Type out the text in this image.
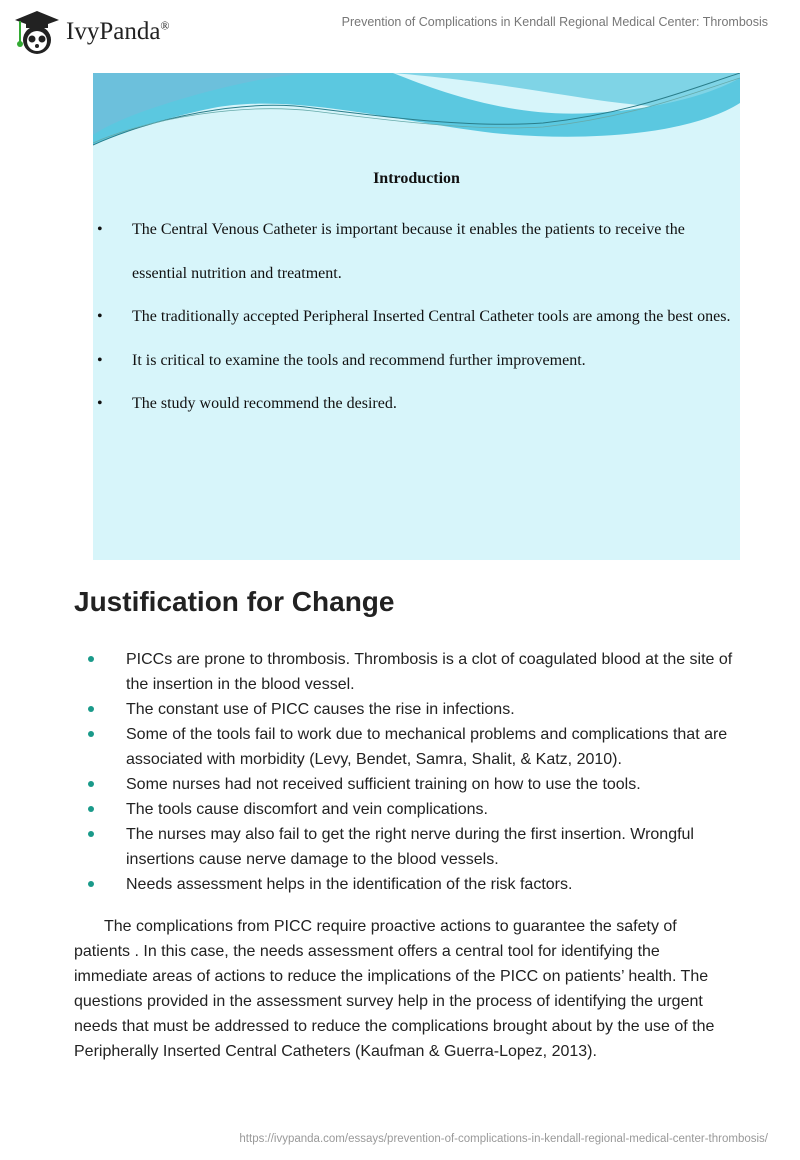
IvyPanda®	Prevention of Complications in Kendall Regional Medical Center: Thrombosis
Introduction
• The Central Venous Catheter is important because it enables the patients to receive the essential nutrition and treatment.
• The traditionally accepted Peripheral Inserted Central Catheter tools are among the best ones.
• It is critical to examine the tools and recommend further improvement.
• The study would recommend the desired.
Justification for Change
PICCs are prone to thrombosis. Thrombosis is a clot of coagulated blood at the site of the insertion in the blood vessel.
The constant use of PICC causes the rise in infections.
Some of the tools fail to work due to mechanical problems and complications that are associated with morbidity (Levy, Bendet, Samra, Shalit, & Katz, 2010).
Some nurses had not received sufficient training on how to use the tools.
The tools cause discomfort and vein complications.
The nurses may also fail to get the right nerve during the first insertion. Wrongful insertions cause nerve damage to the blood vessels.
Needs assessment helps in the identification of the risk factors.

The complications from PICC require proactive actions to guarantee the safety of patients . In this case, the needs assessment offers a central tool for identifying the immediate areas of actions to reduce the implications of the PICC on patients’ health. The questions provided in the assessment survey help in the process of identifying the urgent needs that must be addressed to reduce the complications brought about by the use of the Peripherally Inserted Central Catheters (Kaufman & Guerra-Lopez, 2013).

https://ivypanda.com/essays/prevention-of-complications-in-kendall-regional-medical-center-thrombosis/
